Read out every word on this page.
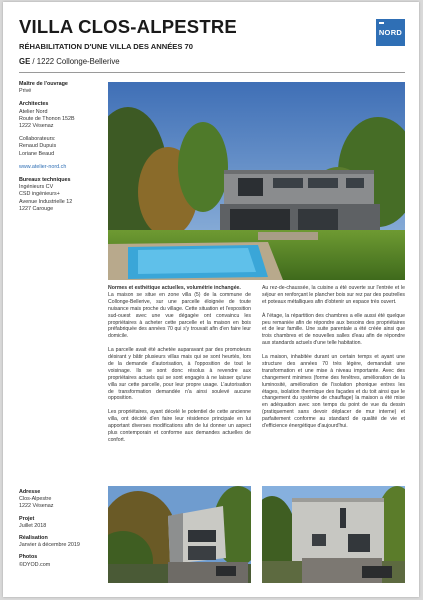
VILLA CLOS-ALPESTRE
RÉHABILITATION D'UNE VILLA DES ANNÉES 70
GE / 1222 Collonge-Bellerive
NORD
Maître de l'ouvrage
Privé
Architectes
Atelier Nord
Route de Thonon 152B
1222 Vésenaz
Collaborateurs:
Renaud Dupuis
Loriane Beaud
www.atelier-nord.ch
Bureaux techniques
Ingénieurs CV
CSD ingénieurs+
Avenue Industrielle 12
1227 Carouge

Normes et esthétique actuelles, volumétrie inchangée.
La maison se situe en zone villa (5) de la commune de Collonge-Bellerive, sur une parcelle éloignée de toute nuisance mais proche du village. Cette situation et l'exposition sud-ouest avec une vue dégagée ont convaincu les propriétaires à acheter cette parcelle et la maison en bois préfabriquée des années 70 qui s'y trouvait afin d'en faire leur domicile.

La parcelle avait été achetée auparavant par des promoteurs désirant y bâtir plusieurs villas mais qui se sont heurtés, lors de la demande d'autorisation, à l'opposition de tout le voisinage. Ils se sont donc résolus à revendre aux propriétaires actuels qui se sont engagés à ne laisser qu'une villa sur cette parcelle, pour leur propre usage. L'autorisation de transformation demandée n'a ainsi soulevé aucune opposition.

Les propriétaires, ayant décelé le potentiel de cette ancienne villa, ont décidé d'en faire leur résidence principale en lui apportant diverses modifications afin de lui donner un aspect plus contemporain et conforme aux demandes actuelles de confort.

Au rez-de-chaussée, la cuisine a été ouverte sur l'entrée et le séjour en renforçant le plancher bois sur rez par des poutrelles et poteaux métalliques afin d'obtenir un espace très ouvert.

À l'étage, la répartition des chambres a elle aussi été quelque peu remaniée afin de répondre aux besoins des propriétaires et de leur famille. Une suite parentale a été créée ainsi que trois chambres et de nouvelles salles d'eau afin de répondre aux standards actuels d'une telle habitation.

La maison, inhabitée durant un certain temps et ayant une structure des années 70 très légère, demandait une transformation et une mise à niveau importante. Avec des changement minimes (forme des fenêtres, amélioration de la luminosité, amélioration de l'isolation phonique entres les étages, isolation thermique des façades et du toit ainsi que le changement du système de chauffage) la maison a été mise en adéquation avec son temps du point de vue du dessin (pratiquement sans devoir déplacer de mur interne) et parfaitement conforme au standard de qualité de vie et d'efficience énergétique d'aujourd'hui.

Adresse
Clos-Alpestre
1222 Vésenaz
Projet
Juillet 2018
Réalisation
Janvier à décembre 2019
Photos
©DYOD.com
